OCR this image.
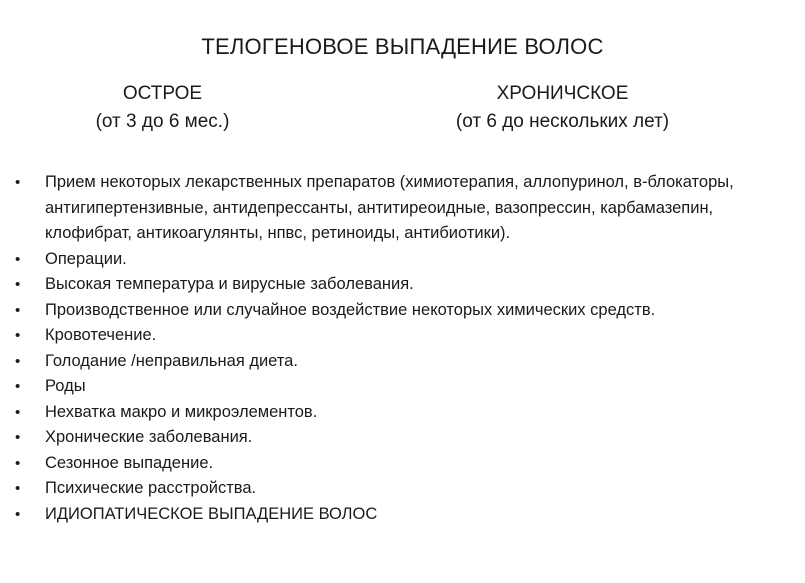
ТЕЛОГЕНОВОЕ ВЫПАДЕНИЕ ВОЛОС
ОСТРОЕ
(от 3 до 6 мес.)
ХРОНИЧСКОЕ
(от 6 до нескольких лет)
• Прием некоторых лекарственных препаратов (химиотерапия, аллопуринол, в-блокаторы, антигипертензивные, антидепрессанты, антитиреоидные, вазопрессин, карбамазепин, клофибрат, антикоагулянты, нпвс, ретиноиды, антибиотики).
• Операции.
• Высокая температура и вирусные заболевания.
• Производственное или случайное воздействие некоторых химических средств.
• Кровотечение.
• Голодание /неправильная диета.
• Роды
• Нехватка макро и микроэлементов.
• Хронические заболевания.
• Сезонное выпадение.
• Психические расстройства.
• ИДИОПАТИЧЕСКОЕ ВЫПАДЕНИЕ ВОЛОС
